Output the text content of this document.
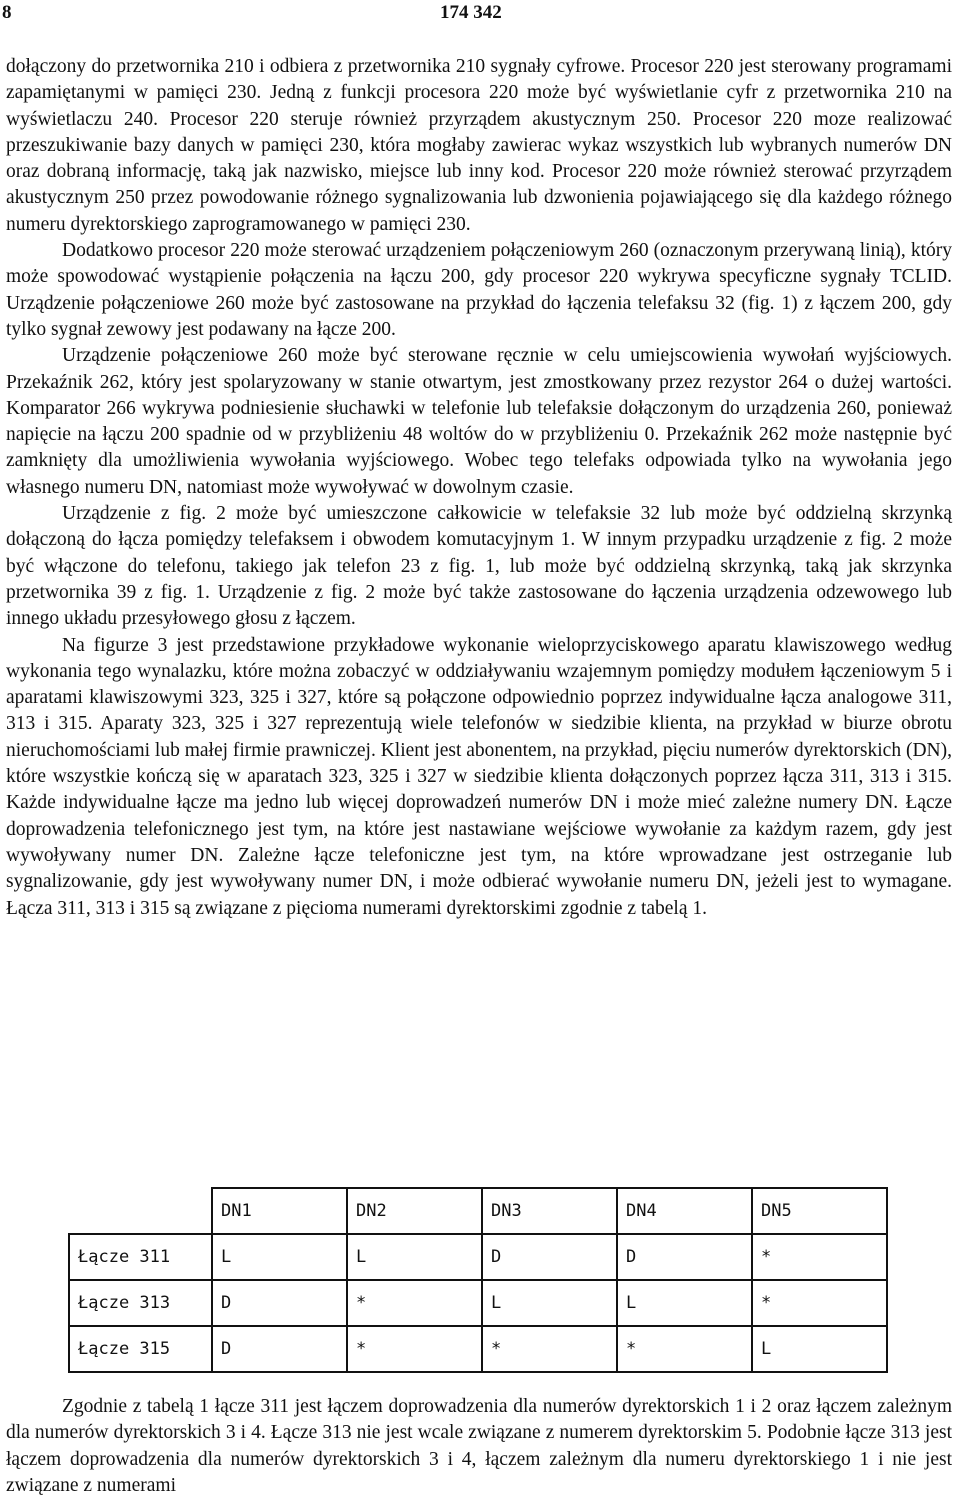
8	174 342

dołączony do przetwornika 210 i odbiera z przetwornika 210 sygnały cyfrowe. Procesor 220 jest sterowany programami zapamiętanymi w pamięci 230. Jedną z funkcji procesora 220 może być wyświetlanie cyfr z przetwornika 210 na wyświetlaczu 240. Procesor 220 steruje również przyrządem akustycznym 250. Procesor 220 moze realizować przeszukiwanie bazy danych w pamięci 230, która mogłaby zawierac wykaz wszystkich lub wybranych numerów DN oraz dobraną informację, taką jak nazwisko, miejsce lub inny kod. Procesor 220 może również sterować przyrządem akustycznym 250 przez powodowanie różnego sygnalizowania lub dzwonienia pojawiającego się dla każdego różnego numeru dyrektorskiego zaprogramowanego w pamięci 230.

Dodatkowo procesor 220 może sterować urządzeniem połączeniowym 260 (oznaczonym przerywaną linią), który może spowodować wystąpienie połączenia na łączu 200, gdy procesor 220 wykrywa specyficzne sygnały TCLID. Urządzenie połączeniowe 260 może być zastosowane na przykład do łączenia telefaksu 32 (fig. 1) z łączem 200, gdy tylko sygnał zewowy jest podawany na łącze 200.

Urządzenie połączeniowe 260 może być sterowane ręcznie w celu umiejscowienia wywołań wyjściowych. Przekaźnik 262, który jest spolaryzowany w stanie otwartym, jest zmostkowany przez rezystor 264 o dużej wartości. Komparator 266 wykrywa podniesienie słuchawki w telefonie lub telefaksie dołączonym do urządzenia 260, ponieważ napięcie na łączu 200 spadnie od w przybliżeniu 48 woltów do w przybliżeniu 0. Przekaźnik 262 może następnie być zamknięty dla umożliwienia wywołania wyjściowego. Wobec tego telefaks odpowiada tylko na wywołania jego własnego numeru DN, natomiast może wywoływać w dowolnym czasie.

Urządzenie z fig. 2 może być umieszczone całkowicie w telefaksie 32 lub może być oddzielną skrzynką dołączoną do łącza pomiędzy telefaksem i obwodem komutacyjnym 1. W innym przypadku urządzenie z fig. 2 może być włączone do telefonu, takiego jak telefon 23 z fig. 1, lub może być oddzielną skrzynką, taką jak skrzynka przetwornika 39 z fig. 1. Urządzenie z fig. 2 może być także zastosowane do łączenia urządzenia odzewowego lub innego układu przesyłowego głosu z łączem.

Na figurze 3 jest przedstawione przykładowe wykonanie wieloprzyciskowego aparatu klawiszowego według wykonania tego wynalazku, które można zobaczyć w oddziaływaniu wzajemnym pomiędzy modułem łączeniowym 5 i aparatami klawiszowymi 323, 325 i 327, które są połączone odpowiednio poprzez indywidualne łącza analogowe 311, 313 i 315. Aparaty 323, 325 i 327 reprezentują wiele telefonów w siedzibie klienta, na przykład w biurze obrotu nieruchomościami lub małej firmie prawniczej. Klient jest abonentem, na przykład, pięciu numerów dyrektorskich (DN), które wszystkie kończą się w aparatach 323, 325 i 327 w siedzibie klienta dołączonych poprzez łącza 311, 313 i 315. Każde indywidualne łącze ma jedno lub więcej doprowadzeń numerów DN i może mieć zależne numery DN. Łącze doprowadzenia telefonicznego jest tym, na które jest nastawiane wejściowe wywołanie za każdym razem, gdy jest wywoływany numer DN. Zależne łącze telefoniczne jest tym, na które wprowadzane jest ostrzeganie lub sygnalizowanie, gdy jest wywoływany numer DN, i może odbierać wywołanie numeru DN, jeżeli jest to wymagane. Łącza 311, 313 i 315 są związane z pięcioma numerami dyrektorskimi zgodnie z tabelą 1.

	DN1	DN2	DN3	DN4	DN5
Łącze 311	L	L	D	D	*
Łącze 313	D	*	L	L	*
Łącze 315	D	*	*	*	L

Zgodnie z tabelą 1 łącze 311 jest łączem doprowadzenia dla numerów dyrektorskich 1 i 2 oraz łączem zależnym dla numerów dyrektorskich 3 i 4. Łącze 313 nie jest wcale związane z numerem dyrektorskim 5. Podobnie łącze 313 jest łączem doprowadzenia dla numerów dyrektorskich 3 i 4, łączem zależnym dla numeru dyrektorskiego 1 i nie jest związane z numerami
